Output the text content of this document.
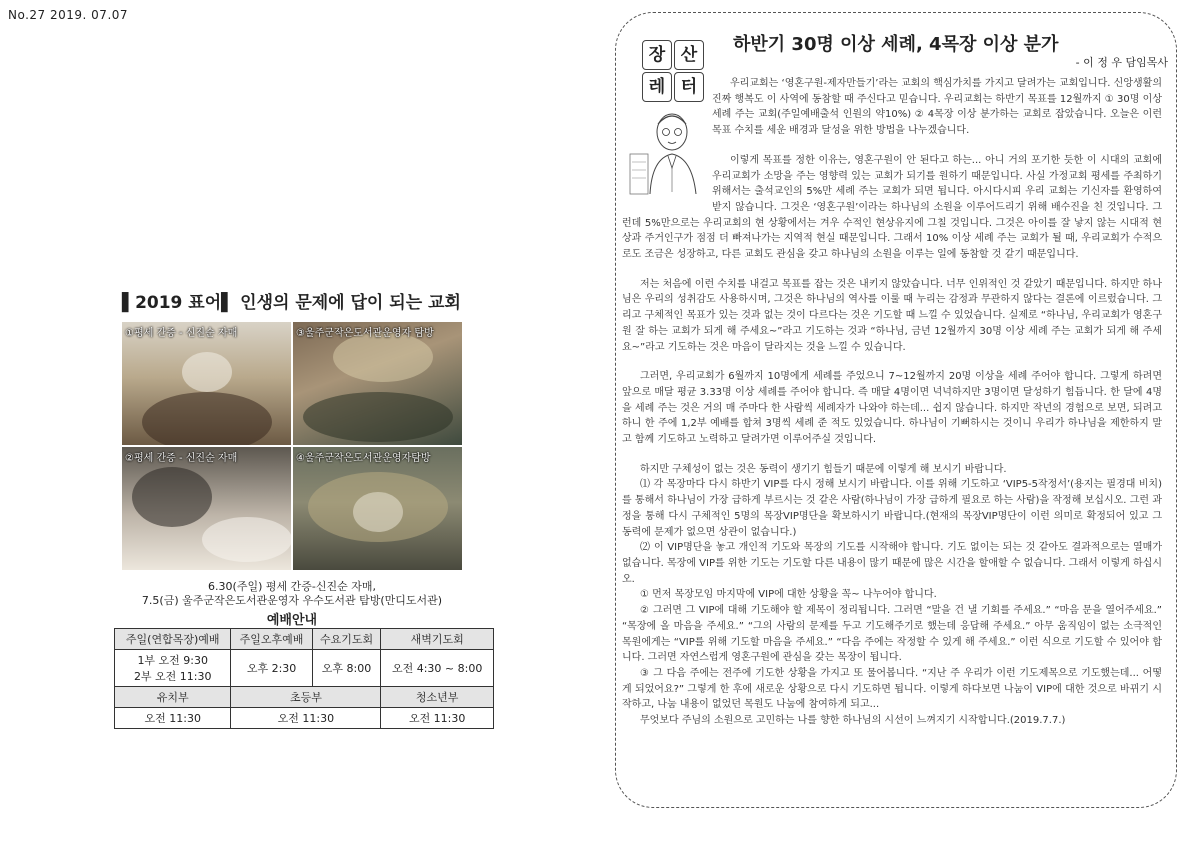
No.27 2019. 07.07
▌2019 표어▌ 인생의 문제에 답이 되는 교회
①평세 간증 - 신진순 자매	③울주군작은도서관운영자 탐방
②평세 간증 - 신진순 자매	④울주군작은도서관운영자탐방
6.30(주일) 평세 간증-신진순 자매,
7.5(금) 울주군작은도서관운영자 우수도서관 탐방(만디도서관)
예배안내
주일(연합목장)예배	주일오후예배	수요기도회	새벽기도회
1부 오전 9:30
2부 오전 11:30	오후 2:30	오후 8:00	오전 4:30 ~ 8:00
유치부	초등부		청소년부
오전 11:30	오전 11:30		오전 11:30
장 산
레 터
하반기 30명 이상 세례, 4목장 이상 분가
- 이 정 우 담임목사

우리교회는 ‘영혼구원-제자만들기’라는 교회의 핵심가치를 가지고 달려가는 교회입니다. 신앙생활의 진짜 행복도 이 사역에 동참할 때 주신다고 믿습니다. 우리교회는 하반기 목표를 12월까지 ① 30명 이상 세례 주는 교회(주일예배출석 인원의 약10%) ② 4목장 이상 분가하는 교회로 잡았습니다. 오늘은 이런 목표 수치를 세운 배경과 달성을 위한 방법을 나누겠습니다.

이렇게 목표를 정한 이유는, 영혼구원이 안 된다고 하는... 아니 거의 포기한 듯한 이 시대의 교회에 우리교회가 소망을 주는 영향력 있는 교회가 되기를 원하기 때문입니다. 사실 가정교회 평세를 주최하기 위해서는 출석교인의 5%만 세례 주는 교회가 되면 됩니다. 아시다시피 우리 교회는 기신자를 환영하여 받지 않습니다. 그것은 ‘영혼구원’이라는 하나님의 소원을 이루어드리기 위해 배수진을 친 것입니다. 그런데 5%만으로는 우리교회의 현 상황에서는 겨우 수적인 현상유지에 그칠 것입니다. 그것은 아이를 잘 낳지 않는 시대적 현상과 주거인구가 점점 더 빠져나가는 지역적 현실 때문입니다. 그래서 10% 이상 세례 주는 교회가 될 때, 우리교회가 수적으로도 조금은 성장하고, 다른 교회도 관심을 갖고 하나님의 소원을 이루는 일에 동참할 것 같기 때문입니다.

저는 처음에 이런 수치를 내걸고 목표를 잡는 것은 내키지 않았습니다. 너무 인위적인 것 같았기 때문입니다. 하지만 하나님은 우리의 성취감도 사용하시며, 그것은 하나님의 역사를 이룰 때 누리는 감정과 무관하지 않다는 결론에 이르렀습니다. 그리고 구체적인 목표가 있는 것과 없는 것이 다르다는 것은 기도할 때 느낄 수 있었습니다. 실제로 “하나님, 우리교회가 영혼구원 잘 하는 교회가 되게 해 주세요~”라고 기도하는 것과 “하나님, 금년 12월까지 30명 이상 세례 주는 교회가 되게 해 주세요~”라고 기도하는 것은 마음이 달라지는 것을 느낄 수 있습니다.

그러면, 우리교회가 6월까지 10명에게 세례를 주었으니 7~12월까지 20명 이상을 세례 주어야 합니다. 그렇게 하려면 앞으로 매달 평균 3.33명 이상 세례를 주어야 합니다. 즉 매달 4명이면 넉넉하지만 3명이면 달성하기 힘듭니다. 한 달에 4명을 세례 주는 것은 거의 매 주마다 한 사람씩 세례자가 나와야 하는데... 쉽지 않습니다. 하지만 작년의 경험으로 보면, 되려고 하니 한 주에 1,2부 예배를 합쳐 3명씩 세례 준 적도 있었습니다. 하나님이 기뻐하시는 것이니 우리가 하나님을 제한하지 말고 함께 기도하고 노력하고 달려가면 이루어주실 것입니다.

하지만 구체성이 없는 것은 동력이 생기기 힘들기 때문에 이렇게 해 보시기 바랍니다.
⑴ 각 목장마다 다시 하반기 VIP를 다시 정해 보시기 바랍니다. 이를 위해 기도하고 ‘VIP5-5작정서’(용지는 필경대 비치)를 통해서 하나님이 가장 급하게 부르시는 것 같은 사람(하나님이 가장 급하게 필요로 하는 사람)을 작정해 보십시오. 그런 과정을 통해 다시 구체적인 5명의 목장VIP명단을 확보하시기 바랍니다.(현재의 목장VIP명단이 이런 의미로 확정되어 있고 그 동력에 문제가 없으면 상관이 없습니다.)
⑵ 이 VIP명단을 놓고 개인적 기도와 목장의 기도를 시작해야 합니다. 기도 없이는 되는 것 같아도 결과적으로는 열매가 없습니다. 목장에 VIP를 위한 기도는 기도할 다른 내용이 많기 때문에 많은 시간을 할애할 수 없습니다. 그래서 이렇게 하십시오.
① 먼저 목장모임 마지막에 VIP에 대한 상황을 꼭~ 나누어야 합니다.
② 그러면 그 VIP에 대해 기도해야 할 제목이 정리됩니다. 그러면 “말을 건 낼 기회를 주세요.” “마음 문을 열어주세요.” “목장에 올 마음을 주세요.” “그의 사람의 문제를 두고 기도해주기로 했는데 응답해 주세요.” 아무 움직임이 없는 소극적인 목원에게는 “VIP를 위해 기도할 마음을 주세요.” “다음 주에는 작정할 수 있게 해 주세요.” 이런 식으로 기도할 수 있어야 합니다. 그러면 자연스럽게 영혼구원에 관심을 갖는 목장이 됩니다.
③ 그 다음 주에는 전주에 기도한 상황을 가지고 또 물어봅니다. “지난 주 우리가 이런 기도제목으로 기도했는데... 어떻게 되었어요?” 그렇게 한 후에 새로운 상황으로 다시 기도하면 됩니다. 이렇게 하다보면 나눔이 VIP에 대한 것으로 바뀌기 시작하고, 나눔 내용이 없었던 목원도 나눔에 참여하게 되고...
무엇보다 주님의 소원으로 고민하는 나를 향한 하나님의 시선이 느껴지기 시작합니다.(2019.7.7.)
